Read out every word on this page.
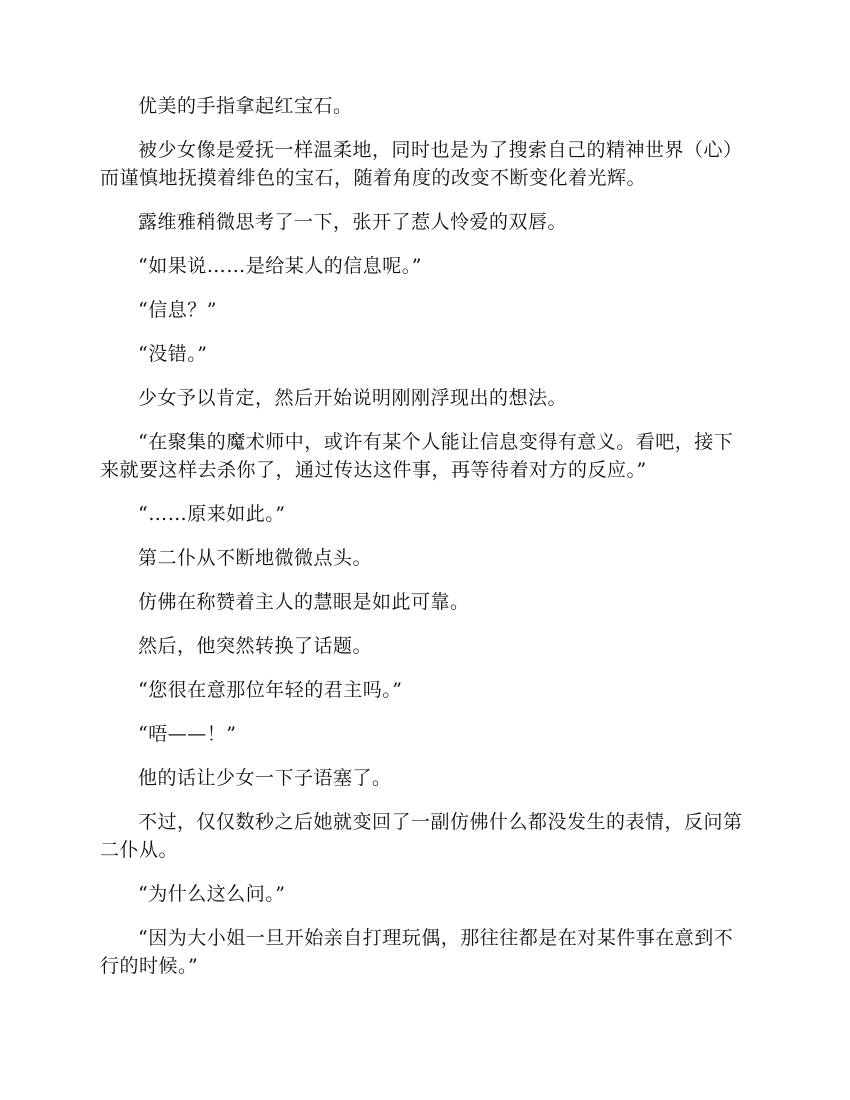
优美的手指拿起红宝石。

被少女像是爱抚一样温柔地，同时也是为了搜索自己的精神世界（心）而谨慎地抚摸着绯色的宝石，随着角度的改变不断变化着光辉。

露维雅稍微思考了一下，张开了惹人怜爱的双唇。

“如果说……是给某人的信息呢。”

“信息？”

“没错。”

少女予以肯定，然后开始说明刚刚浮现出的想法。

“在聚集的魔术师中，或许有某个人能让信息变得有意义。看吧，接下来就要这样去杀你了，通过传达这件事，再等待着对方的反应。”

“……原来如此。”

第二仆从不断地微微点头。

仿佛在称赞着主人的慧眼是如此可靠。

然后，他突然转换了话题。

“您很在意那位年轻的君主吗。”

“唔——！”

他的话让少女一下子语塞了。

不过，仅仅数秒之后她就变回了一副仿佛什么都没发生的表情，反问第二仆从。

“为什么这么问。”

“因为大小姐一旦开始亲自打理玩偶，那往往都是在对某件事在意到不行的时候。”
